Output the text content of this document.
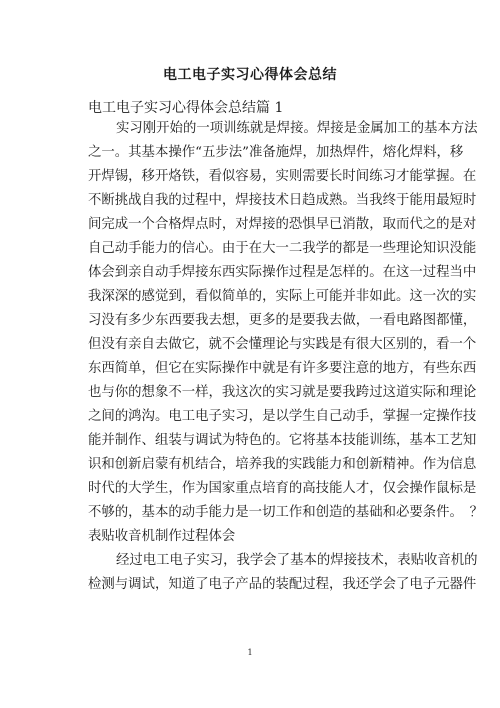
电工电子实习心得体会总结
电工电子实习心得体会总结篇 1
实习刚开始的一项训练就是焊接。焊接是金属加工的基本方法
之一。其基本操作“五步法”准备施焊，加热焊件，熔化焊料，移
开焊锡，移开烙铁，看似容易，实则需要长时间练习才能掌握。在
不断挑战自我的过程中，焊接技术日趋成熟。当我终于能用最短时
间完成一个合格焊点时，对焊接的恐惧早已消散，取而代之的是对
自己动手能力的信心。由于在大一二我学的都是一些理论知识没能
体会到亲自动手焊接东西实际操作过程是怎样的。在这一过程当中
我深深的感觉到，看似简单的，实际上可能并非如此。这一次的实
习没有多少东西要我去想，更多的是要我去做，一看电路图都懂，
但没有亲自去做它，就不会懂理论与实践是有很大区别的，看一个
东西简单，但它在实际操作中就是有许多要注意的地方，有些东西
也与你的想象不一样，我这次的实习就是要我跨过这道实际和理论
之间的鸿沟。电工电子实习，是以学生自己动手，掌握一定操作技
能并制作、组装与调试为特色的。它将基本技能训练，基本工艺知
识和创新启蒙有机结合，培养我的实践能力和创新精神。作为信息
时代的大学生，作为国家重点培育的高技能人才，仅会操作鼠标是
不够的，基本的动手能力是一切工作和创造的基础和必要条件。　？
表贴收音机制作过程体会
经过电工电子实习，我学会了基本的焊接技术，表贴收音机的
检测与调试，知道了电子产品的装配过程，我还学会了电子元器件
1
